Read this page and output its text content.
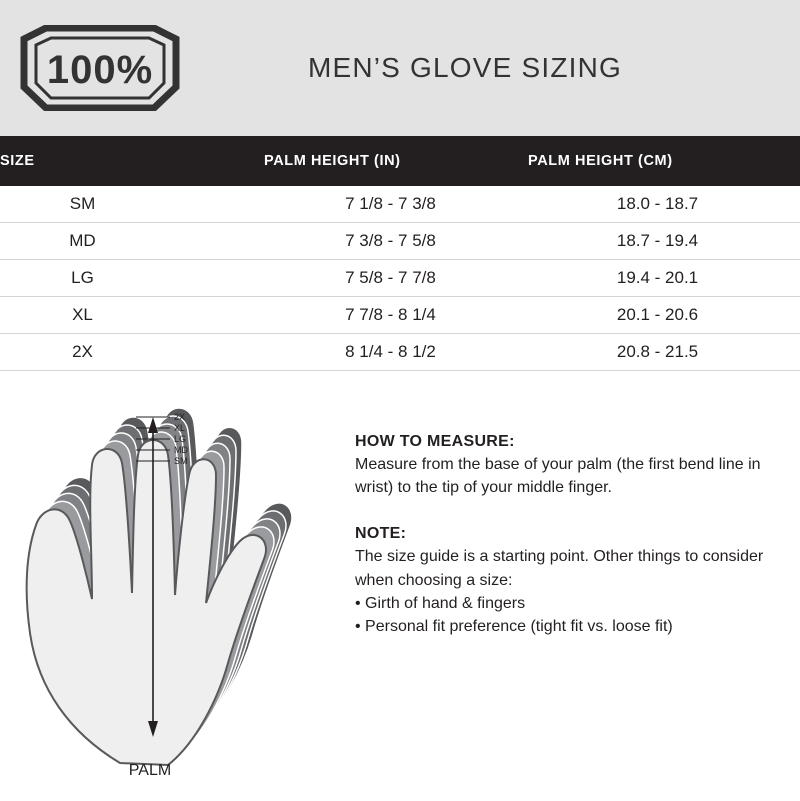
100%	MEN’S GLOVE SIZING
SIZE	PALM HEIGHT (IN)	PALM HEIGHT (CM)
SM	7 1/8 - 7 3/8	18.0 - 18.7
MD	7 3/8 - 7 5/8	18.7 - 19.4
LG	7 5/8 - 7 7/8	19.4 - 20.1
XL	7 7/8 - 8 1/4	20.1 - 20.6
2X	8 1/4 - 8 1/2	20.8 - 21.5
2X
XL
LG
MD
SM
PALM

HOW TO MEASURE:

Measure from the base of your palm (the first bend line in wrist) to the tip of your middle finger.

NOTE:

The size guide is a starting point. Other things to consider when choosing a size:

• Girth of hand & fingers
• Personal fit preference (tight fit vs. loose fit)
